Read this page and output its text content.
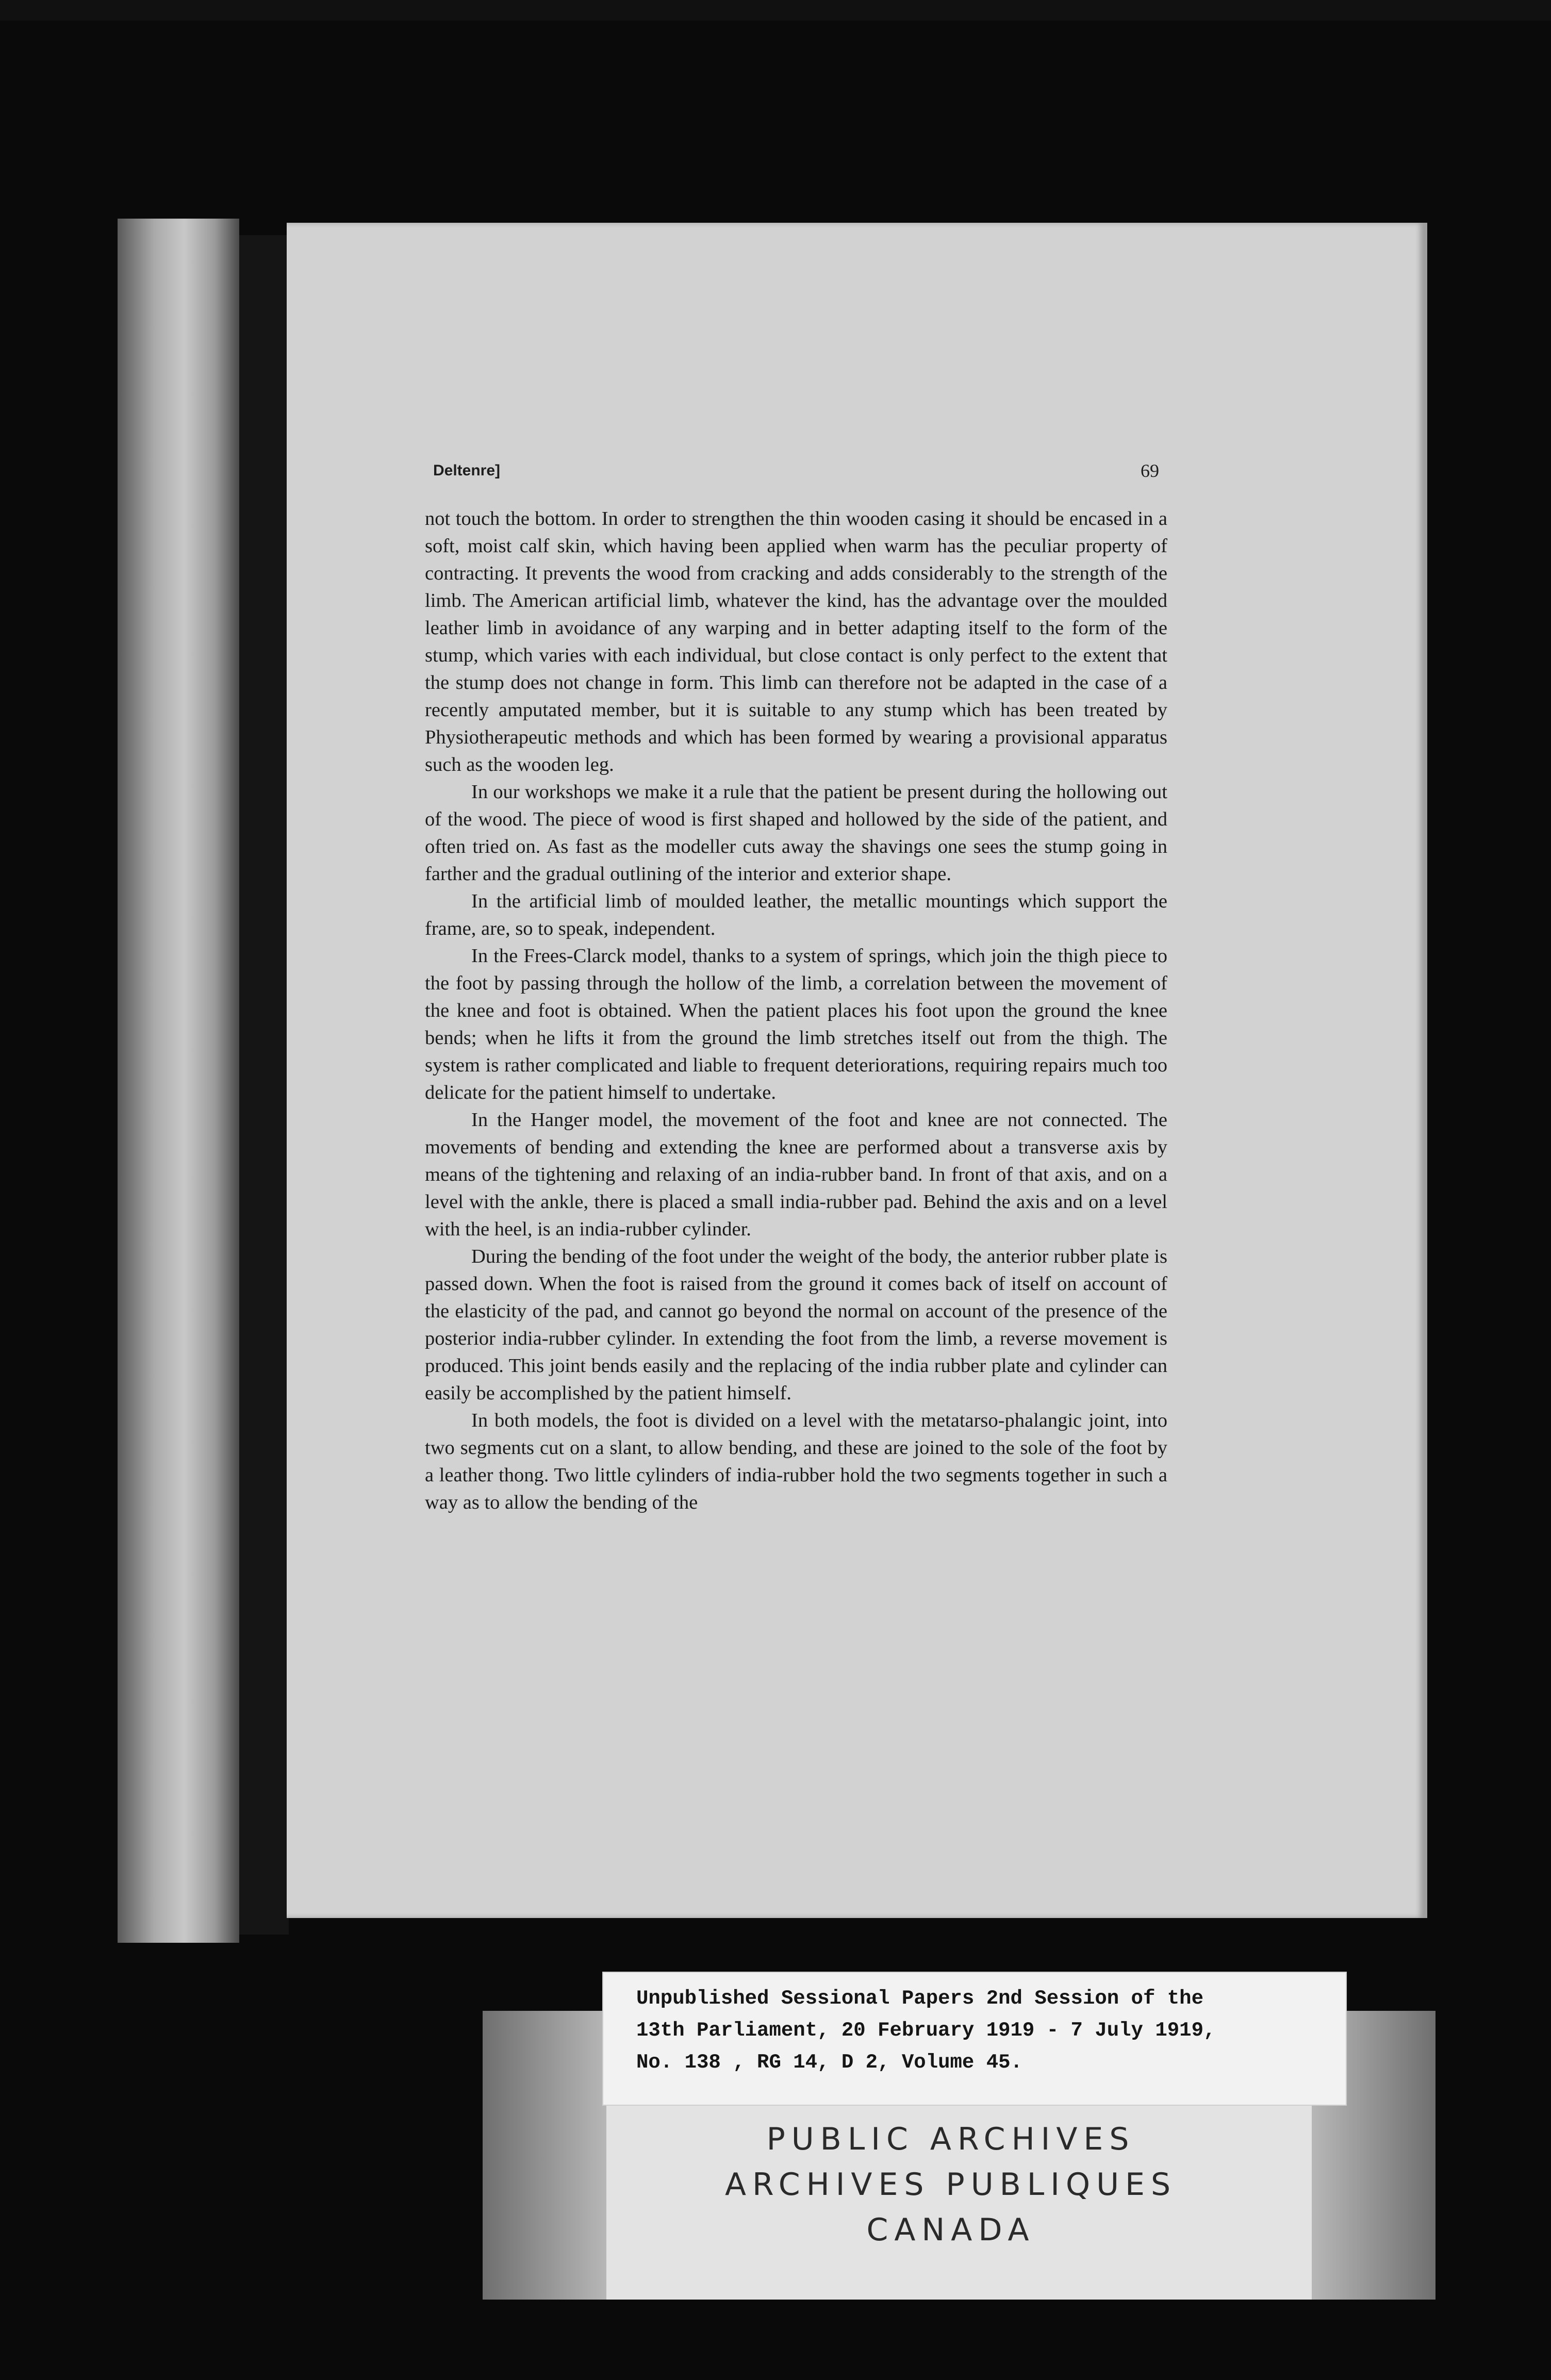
Deltenre]	69

not touch the bottom. In order to strengthen the thin wooden casing it should be encased in a soft, moist calf skin, which having been applied when warm has the peculiar property of contracting. It prevents the wood from cracking and adds considerably to the strength of the limb. The American artificial limb, whatever the kind, has the advantage over the moulded leather limb in avoidance of any warping and in better adapting itself to the form of the stump, which varies with each individual, but close contact is only perfect to the extent that the stump does not change in form. This limb can therefore not be adapted in the case of a recently amputated member, but it is suitable to any stump which has been treated by Physiotherapeutic methods and which has been formed by wearing a provisional apparatus such as the wooden leg.

In our workshops we make it a rule that the patient be present during the hollowing out of the wood. The piece of wood is first shaped and hollowed by the side of the patient, and often tried on. As fast as the modeller cuts away the shavings one sees the stump going in farther and the gradual outlining of the interior and exterior shape.

In the artificial limb of moulded leather, the metallic mountings which support the frame, are, so to speak, independent.

In the Frees-Clarck model, thanks to a system of springs, which join the thigh piece to the foot by passing through the hollow of the limb, a correlation between the movement of the knee and foot is obtained. When the patient places his foot upon the ground the knee bends; when he lifts it from the ground the limb stretches itself out from the thigh. The system is rather complicated and liable to frequent deteriorations, requiring repairs much too delicate for the patient himself to undertake.

In the Hanger model, the movement of the foot and knee are not connected. The movements of bending and extending the knee are performed about a transverse axis by means of the tightening and relaxing of an india-rubber band. In front of that axis, and on a level with the ankle, there is placed a small india-rubber pad. Behind the axis and on a level with the heel, is an india-rubber cylinder.

During the bending of the foot under the weight of the body, the anterior rubber plate is passed down. When the foot is raised from the ground it comes back of itself on account of the elasticity of the pad, and cannot go beyond the normal on account of the presence of the posterior india-rubber cylinder. In extending the foot from the limb, a reverse movement is produced. This joint bends easily and the replacing of the india rubber plate and cylinder can easily be accomplished by the patient himself.

In both models, the foot is divided on a level with the metatarso-phalangic joint, into two segments cut on a slant, to allow bending, and these are joined to the sole of the foot by a leather thong. Two little cylinders of india-rubber hold the two segments together in such a way as to allow the bending of the

Unpublished Sessional Papers 2nd Session of the
13th Parliament, 20 February 1919 - 7 July 1919,
No. 138 , RG 14, D 2, Volume 45.
PUBLIC ARCHIVES
ARCHIVES PUBLIQUES
CANADA
